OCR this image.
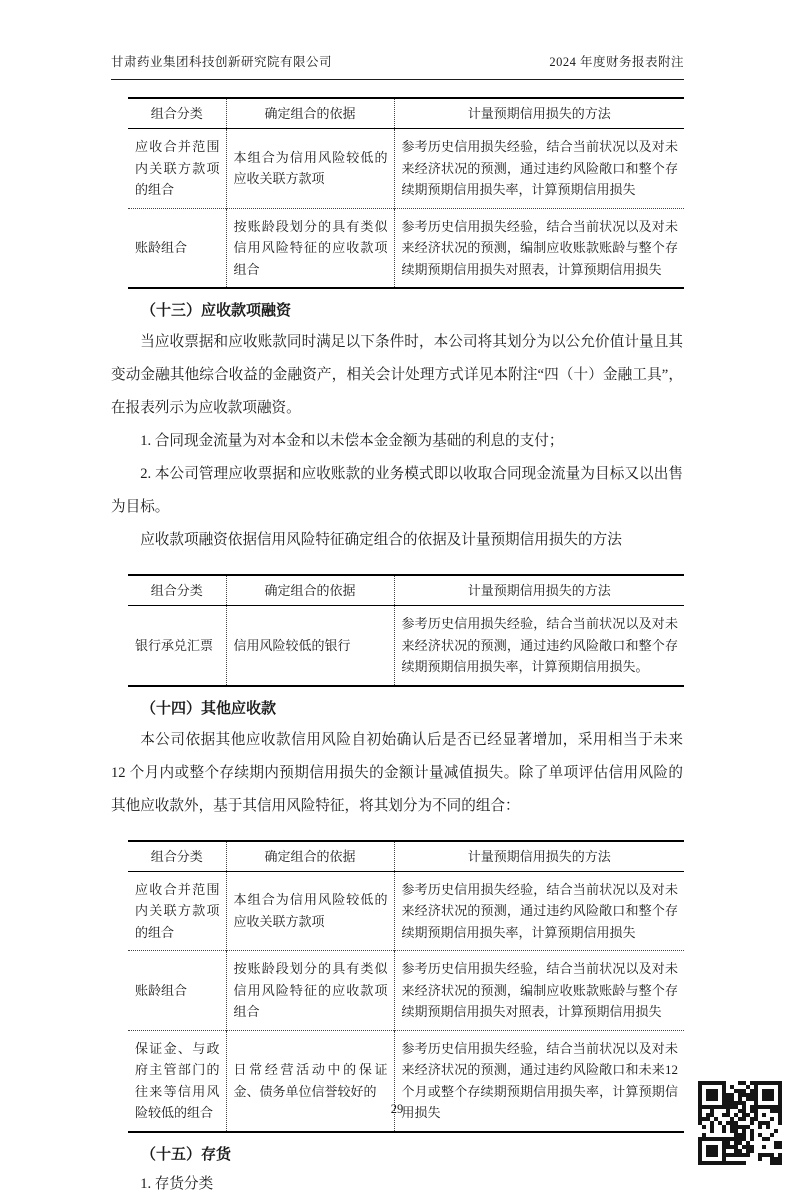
甘肃药业集团科技创新研究院有限公司	2024 年度财务报表附注
组合分类	确定组合的依据	计量预期信用损失的方法
应收合并范围内关联方款项的组合	本组合为信用风险较低的应收关联方款项	参考历史信用损失经验，结合当前状况以及对未来经济状况的预测，通过违约风险敞口和整个存续期预期信用损失率，计算预期信用损失
账龄组合	按账龄段划分的具有类似信用风险特征的应收款项组合	参考历史信用损失经验，结合当前状况以及对未来经济状况的预测，编制应收账款账龄与整个存续期预期信用损失对照表，计算预期信用损失
（十三）应收款项融资

当应收票据和应收账款同时满足以下条件时，本公司将其划分为以公允价值计量且其变动金融其他综合收益的金融资产，相关会计处理方式详见本附注“四（十）金融工具”，在报表列示为应收款项融资。

1. 合同现金流量为对本金和以未偿本金金额为基础的利息的支付；

2. 本公司管理应收票据和应收账款的业务模式即以收取合同现金流量为目标又以出售为目标。

应收款项融资依据信用风险特征确定组合的依据及计量预期信用损失的方法

组合分类	确定组合的依据	计量预期信用损失的方法
银行承兑汇票	信用风险较低的银行	参考历史信用损失经验，结合当前状况以及对未来经济状况的预测，通过违约风险敞口和整个存续期预期信用损失率，计算预期信用损失。
（十四）其他应收款

本公司依据其他应收款信用风险自初始确认后是否已经显著增加，采用相当于未来 12 个月内或整个存续期内预期信用损失的金额计量减值损失。除了单项评估信用风险的其他应收款外，基于其信用风险特征，将其划分为不同的组合：

组合分类	确定组合的依据	计量预期信用损失的方法
应收合并范围内关联方款项的组合	本组合为信用风险较低的应收关联方款项	参考历史信用损失经验，结合当前状况以及对未来经济状况的预测，通过违约风险敞口和整个存续期预期信用损失率，计算预期信用损失
账龄组合	按账龄段划分的具有类似信用风险特征的应收款项组合	参考历史信用损失经验，结合当前状况以及对未来经济状况的预测，编制应收账款账龄与整个存续期预期信用损失对照表，计算预期信用损失
保证金、与政府主管部门的往来等信用风险较低的组合	日常经营活动中的保证金、债务单位信誉较好的	参考历史信用损失经验，结合当前状况以及对未来经济状况的预测，通过违约风险敞口和未来12个月或整个存续期预期信用损失率，计算预期信用损失
（十五）存货

1. 存货分类

29
